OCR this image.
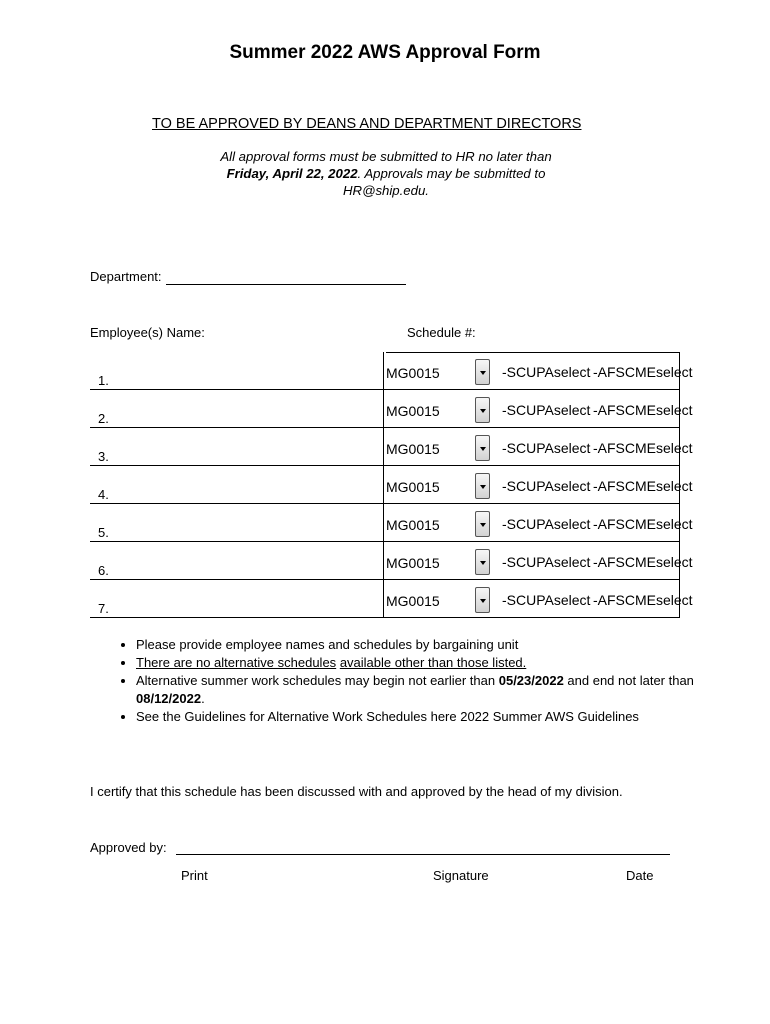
Summer 2022 AWS Approval Form
TO BE APPROVED BY DEANS AND DEPARTMENT DIRECTORS
All approval forms must be submitted to HR no later than
Friday, April 22, 2022. Approvals may be submitted to
HR@ship.edu.
Department:
Employee(s) Name:	Schedule #:
1.	MG0015	-SCUPAselect -AFSCMEselect
2.	MG0015	-SCUPAselect -AFSCMEselect
3.	MG0015	-SCUPAselect -AFSCMEselect
4.	MG0015	-SCUPAselect -AFSCMEselect
5.	MG0015	-SCUPAselect -AFSCMEselect
6.	MG0015	-SCUPAselect -AFSCMEselect
7.	MG0015	-SCUPAselect -AFSCMEselect
• Please provide employee names and schedules by bargaining unit
• There are no alternative schedules available other than those listed.
• Alternative summer work schedules may begin not earlier than 05/23/2022 and end not later than 08/12/2022.
• See the Guidelines for Alternative Work Schedules here 2022 Summer AWS Guidelines
I certify that this schedule has been discussed with and approved by the head of my division.
Approved by:
Print	Signature	Date
